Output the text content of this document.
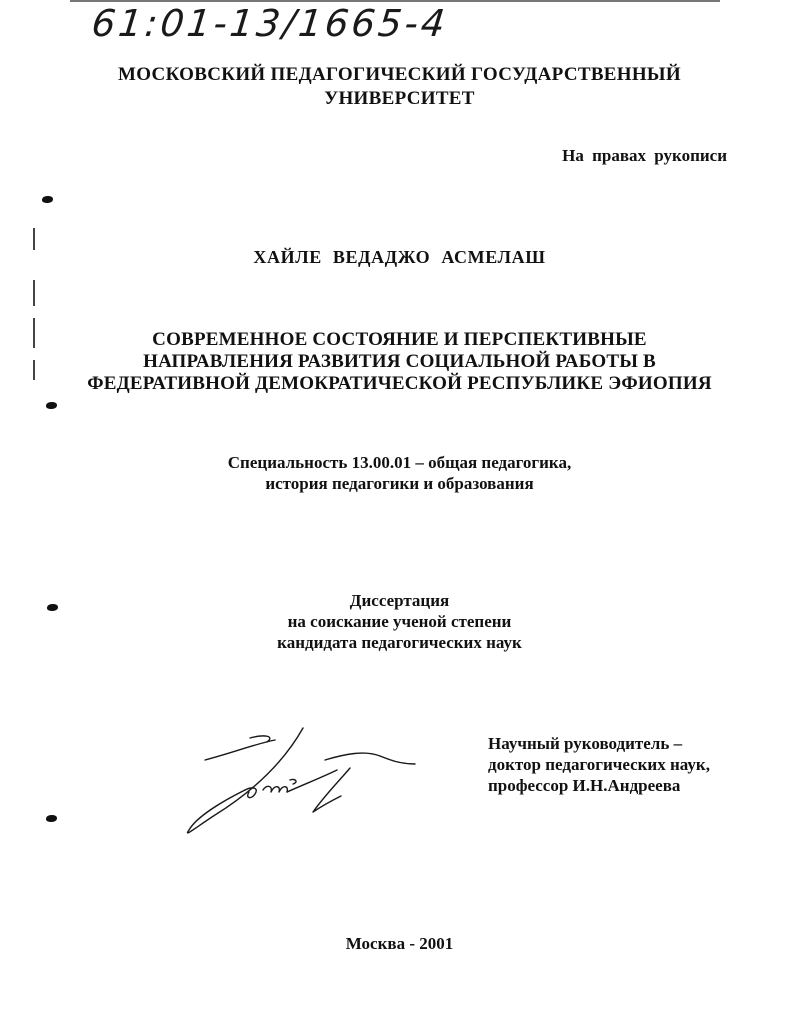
61:01-13/1665-4
МОСКОВСКИЙ ПЕДАГОГИЧЕСКИЙ ГОСУДАРСТВЕННЫЙ
УНИВЕРСИТЕТ
На правах рукописи
ХАЙЛЕ ВЕДАДЖО АСМЕЛАШ
СОВРЕМЕННОЕ СОСТОЯНИЕ И ПЕРСПЕКТИВНЫЕ
НАПРАВЛЕНИЯ РАЗВИТИЯ СОЦИАЛЬНОЙ РАБОТЫ В
ФЕДЕРАТИВНОЙ ДЕМОКРАТИЧЕСКОЙ РЕСПУБЛИКЕ ЭФИОПИЯ
Специальность 13.00.01 – общая педагогика,
история педагогики и образования
Диссертация
на соискание ученой степени
кандидата педагогических наук
Научный руководитель –
доктор педагогических наук,
профессор И.Н.Андреева
Москва - 2001
